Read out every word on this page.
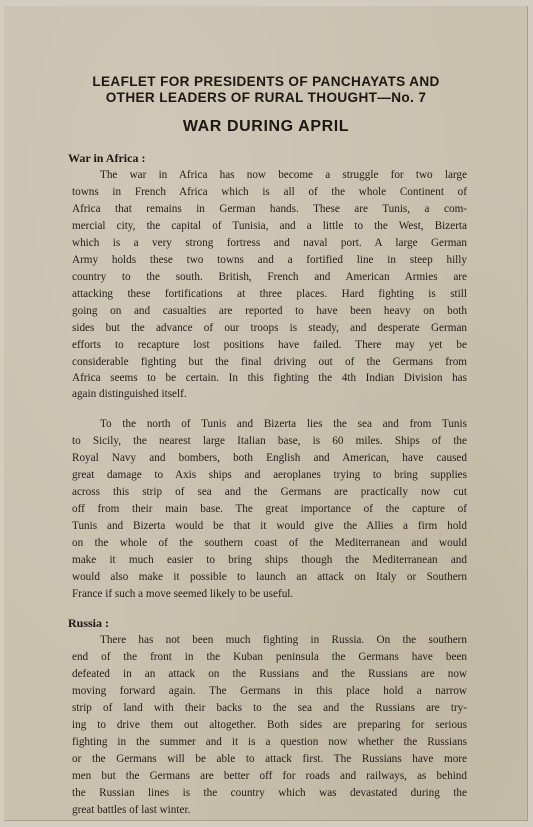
LEAFLET FOR PRESIDENTS OF PANCHAYATS AND
OTHER LEADERS OF RURAL THOUGHT—No. 7
WAR DURING APRIL
War in Africa :
The war in Africa has now become a struggle for two large
towns in French Africa which is all of the whole Continent of
Africa that remains in German hands. These are Tunis, a com-
mercial city, the capital of Tunisia, and a little to the West, Bizerta
which is a very strong fortress and naval port. A large German
Army holds these two towns and a fortified line in steep hilly
country to the south. British, French and American Armies are
attacking these fortifications at three places. Hard fighting is still
going on and casualties are reported to have been heavy on both
sides but the advance of our troops is steady, and desperate German
efforts to recapture lost positions have failed. There may yet be
considerable fighting but the final driving out of the Germans from
Africa seems to be certain. In this fighting the 4th Indian Division has
again distinguished itself.
To the north of Tunis and Bizerta lies the sea and from Tunis
to Sicily, the nearest large Italian base, is 60 miles. Ships of the
Royal Navy and bombers, both English and American, have caused
great damage to Axis ships and aeroplanes trying to bring supplies
across this strip of sea and the Germans are practically now cut
off from their main base. The great importance of the capture of
Tunis and Bizerta would be that it would give the Allies a firm hold
on the whole of the southern coast of the Mediterranean and would
make it much easier to bring ships though the Mediterranean and
would also make it possible to launch an attack on Italy or Southern
France if such a move seemed likely to be useful.
Russia :
There has not been much fighting in Russia. On the southern
end of the front in the Kuban peninsula the Germans have been
defeated in an attack on the Russians and the Russians are now
moving forward again. The Germans in this place hold a narrow
strip of land with their backs to the sea and the Russians are try-
ing to drive them out altogether. Both sides are preparing for serious
fighting in the summer and it is a question now whether the Russians
or the Germans will be able to attack first. The Russians have more
men but the Germans are better off for roads and railways, as behind
the Russian lines is the country which was devastated during the
great battles of last winter.
